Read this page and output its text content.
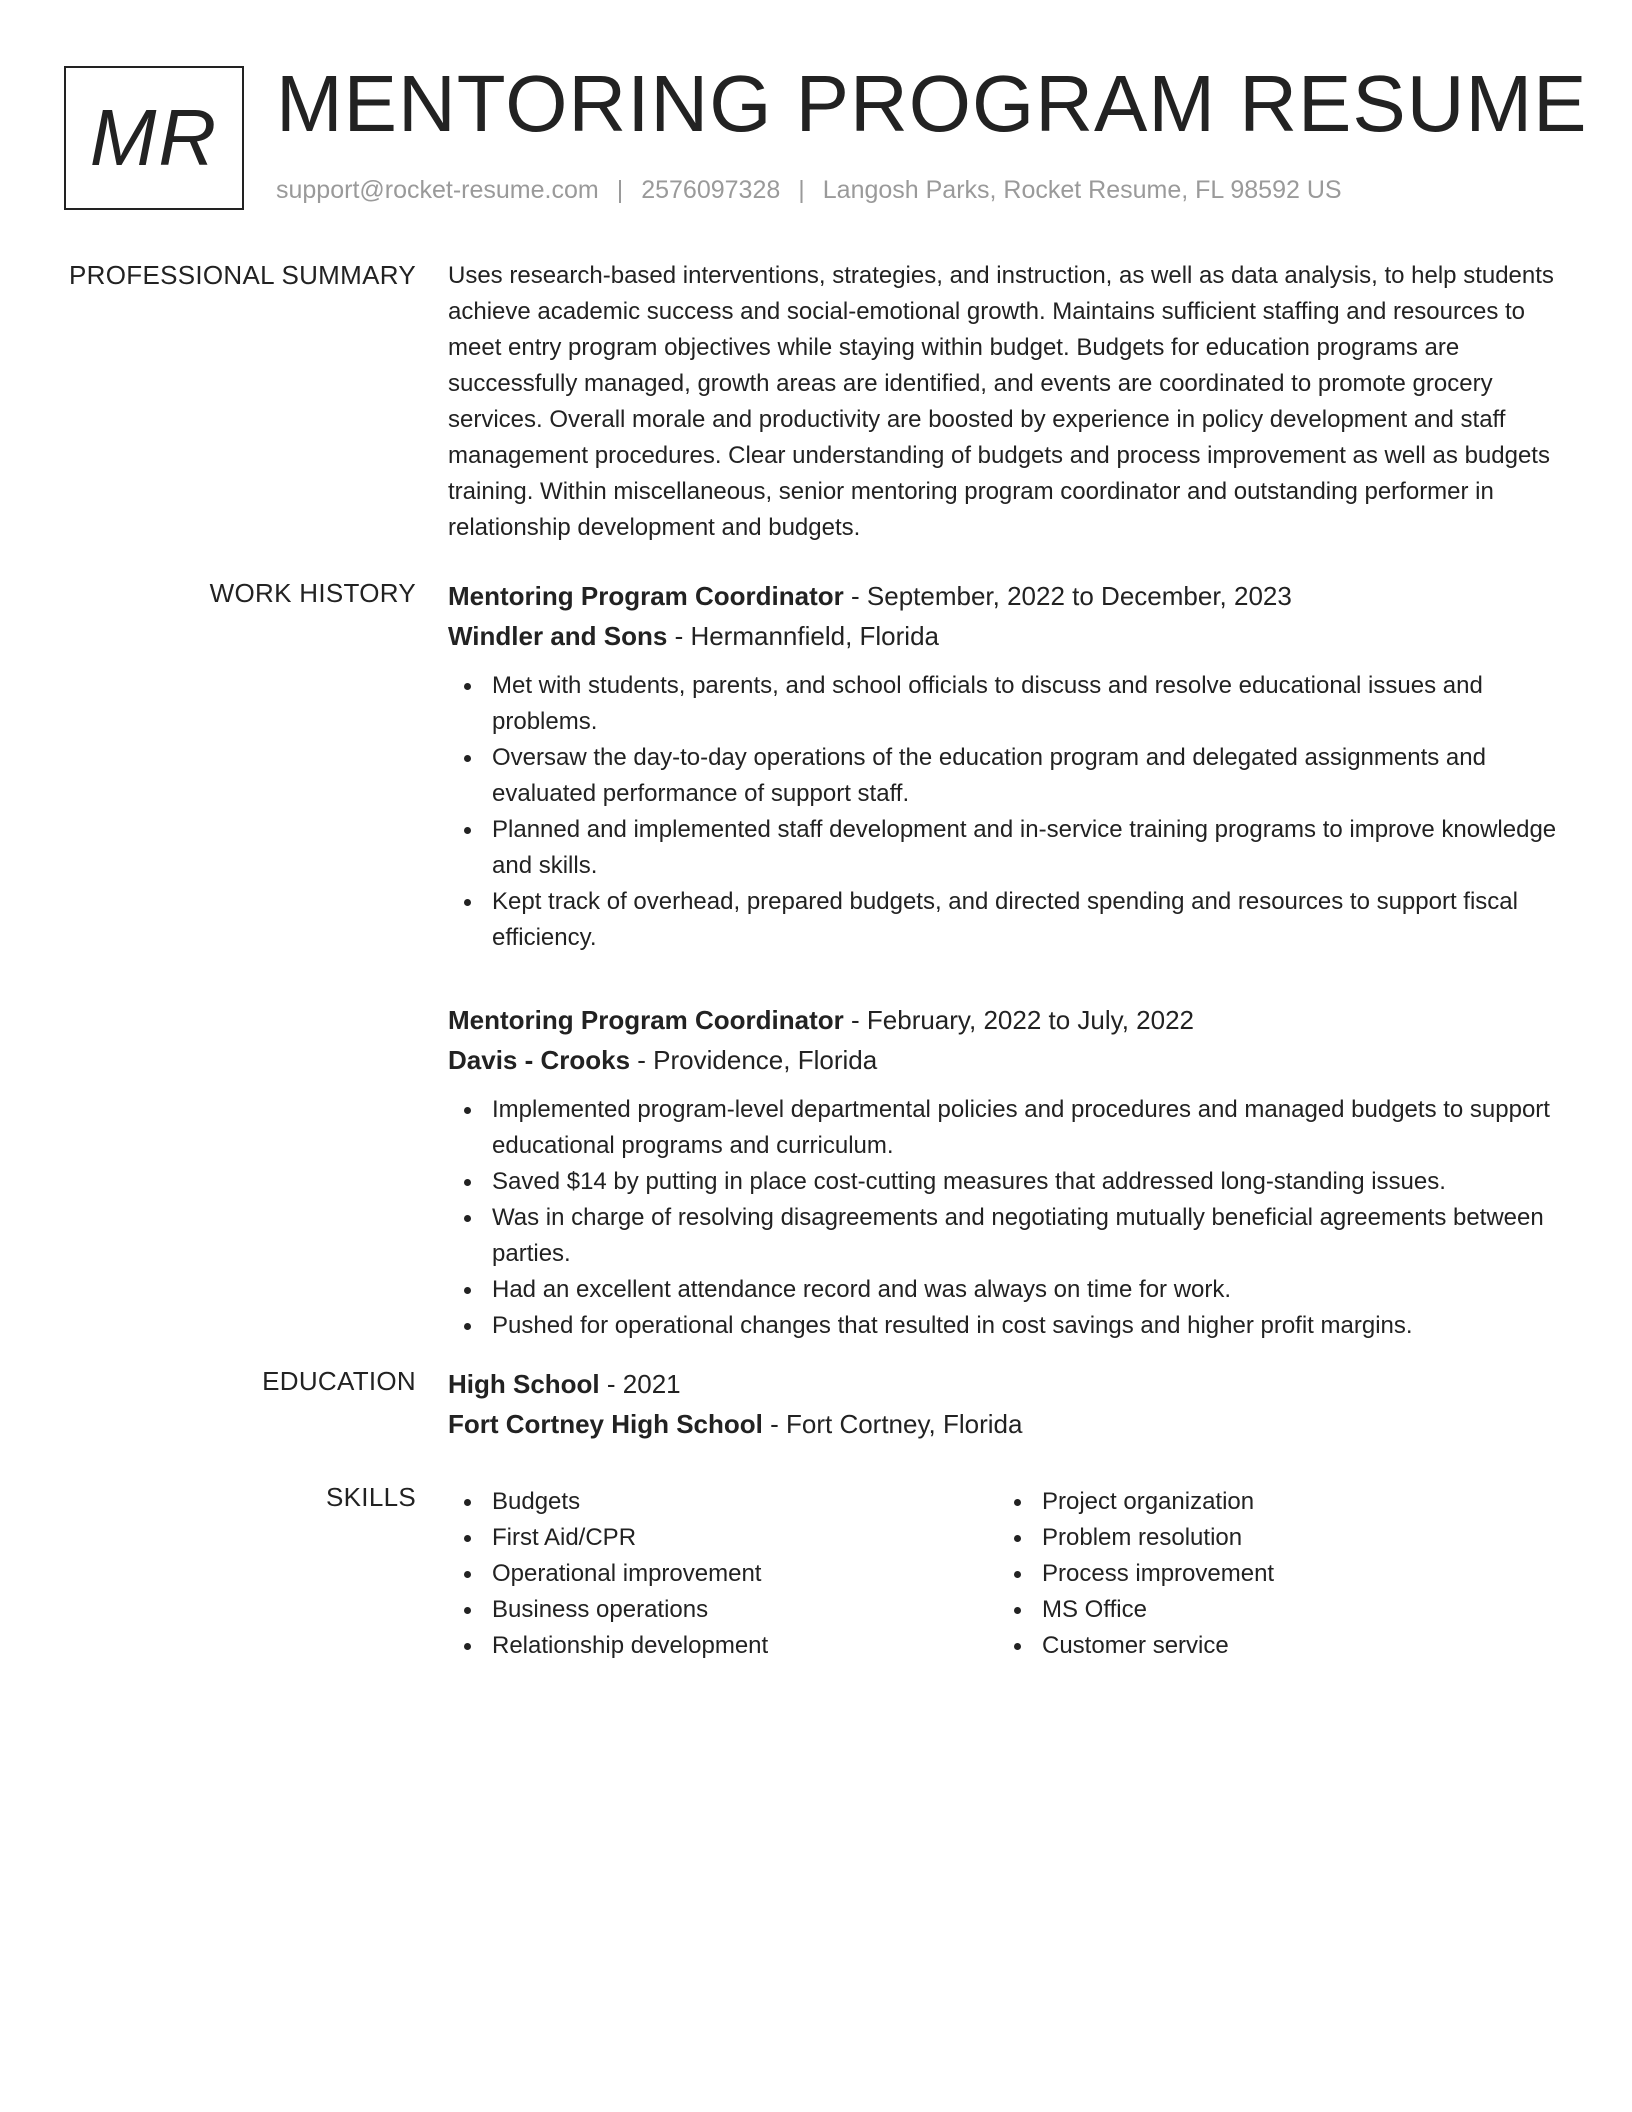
MR MENTORING PROGRAM RESUME
support@rocket-resume.com | 2576097328 | Langosh Parks, Rocket Resume, FL 98592 US
PROFESSIONAL SUMMARY Uses research-based interventions, strategies, and instruction, as well as data analysis, to help students achieve academic success and social-emotional growth. Maintains sufficient staffing and resources to meet entry program objectives while staying within budget. Budgets for education programs are successfully managed, growth areas are identified, and events are coordinated to promote grocery services. Overall morale and productivity are boosted by experience in policy development and staff management procedures. Clear understanding of budgets and process improvement as well as budgets training. Within miscellaneous, senior mentoring program coordinator and outstanding performer in relationship development and budgets.
WORK HISTORY Mentoring Program Coordinator - September, 2022 to December, 2023
Windler and Sons - Hermannfield, Florida
Met with students, parents, and school officials to discuss and resolve educational issues and problems.
Oversaw the day-to-day operations of the education program and delegated assignments and evaluated performance of support staff.
Planned and implemented staff development and in-service training programs to improve knowledge and skills.
Kept track of overhead, prepared budgets, and directed spending and resources to support fiscal efficiency.
Mentoring Program Coordinator - February, 2022 to July, 2022
Davis - Crooks - Providence, Florida
Implemented program-level departmental policies and procedures and managed budgets to support educational programs and curriculum.
Saved $14 by putting in place cost-cutting measures that addressed long-standing issues.
Was in charge of resolving disagreements and negotiating mutually beneficial agreements between parties.
Had an excellent attendance record and was always on time for work.
Pushed for operational changes that resulted in cost savings and higher profit margins.
EDUCATION High School - 2021
Fort Cortney High School - Fort Cortney, Florida
SKILLS	Budgets
First Aid/CPR
Operational improvement
Business operations
Relationship development
Project organization
Problem resolution
Process improvement
MS Office
Customer service
